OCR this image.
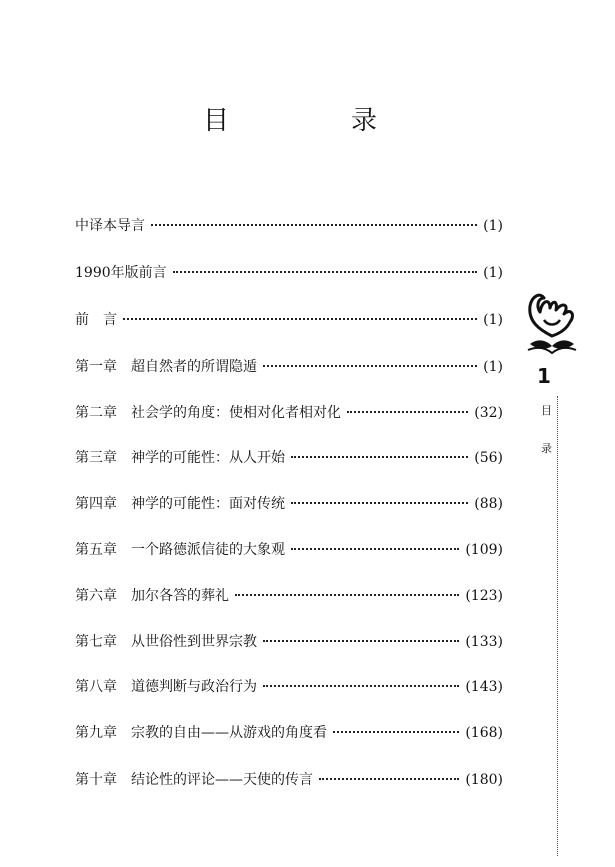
目　录
中译本导言	(1)
1990年版前言	(1)
前　言	(1)
第一章 超自然者的所谓隐遁	(1)
第二章 社会学的角度：使相对化者相对化	(32)
第三章 神学的可能性：从人开始	(56)
第四章 神学的可能性：面对传统	(88)
第五章 一个路德派信徒的大象观	(109)
第六章 加尔各答的葬礼	(123)
第七章 从世俗性到世界宗教	(133)
第八章 道德判断与政治行为	(143)
第九章 宗教的自由——从游戏的角度看	(168)
第十章 结论性的评论——天使的传言	(180)
1
目
录
